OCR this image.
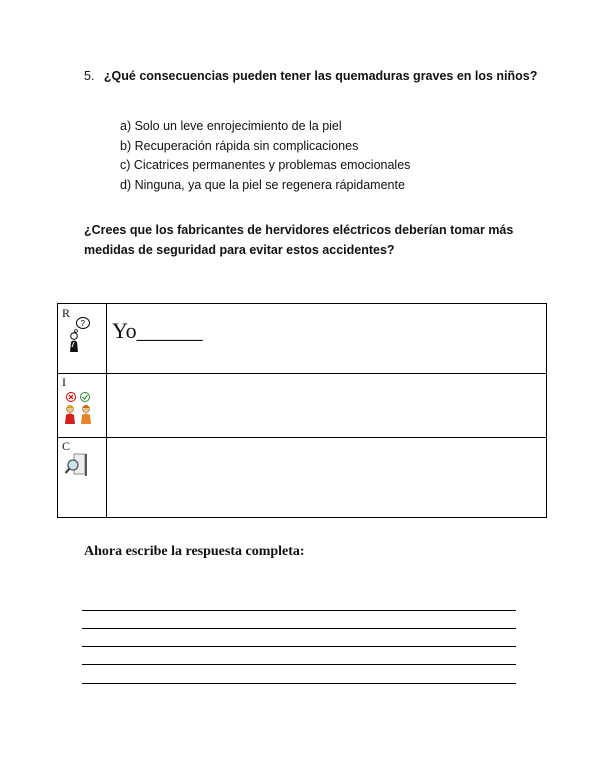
5. ¿Qué consecuencias pueden tener las quemaduras graves en los niños?
a) Solo un leve enrojecimiento de la piel
b) Recuperación rápida sin complicaciones
c) Cicatrices permanentes y problemas emocionales
d) Ninguna, ya que la piel se regenera rápidamente
¿Crees que los fabricantes de hervidores eléctricos deberían tomar más
medidas de seguridad para evitar estos accidentes?
R
? Yo______
I
C
Ahora escribe la respuesta completa:
